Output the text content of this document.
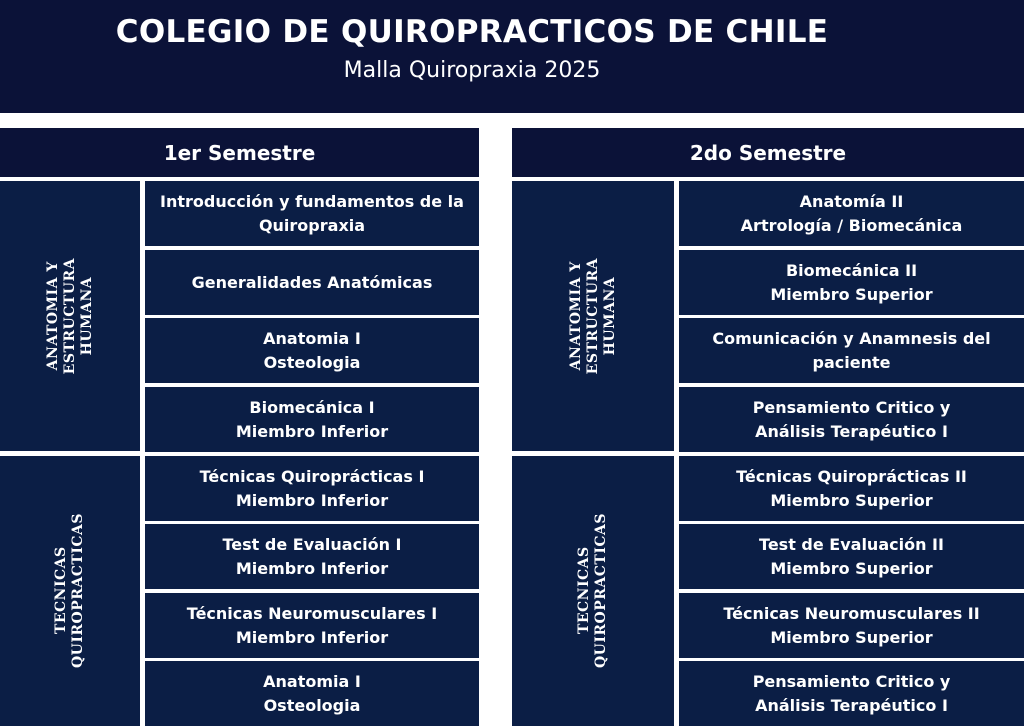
COLEGIO DE QUIROPRACTICOS DE CHILE
Malla Quiropraxia 2025
1er Semestre
ANATOMIA Y
ESTRUCTURA
HUMANA
TECNICAS
QUIROPRACTICAS
Introducción y fundamentos de la
Quiropraxia
Generalidades Anatómicas
Anatomia I
Osteologia
Biomecánica I
Miembro Inferior
Técnicas Quiroprácticas I
Miembro Inferior
Test de Evaluación I
Miembro Inferior
Técnicas Neuromusculares I
Miembro Inferior
Anatomia I
Osteologia
2do Semestre
ANATOMIA Y
ESTRUCTURA
HUMANA
TECNICAS
QUIROPRACTICAS
Anatomía II
Artrología / Biomecánica
Biomecánica II
Miembro Superior
Comunicación y Anamnesis del
paciente
Pensamiento Critico y
Análisis Terapéutico I
Técnicas Quiroprácticas II
Miembro Superior
Test de Evaluación II
Miembro Superior
Técnicas Neuromusculares II
Miembro Superior
Pensamiento Critico y
Análisis Terapéutico I
